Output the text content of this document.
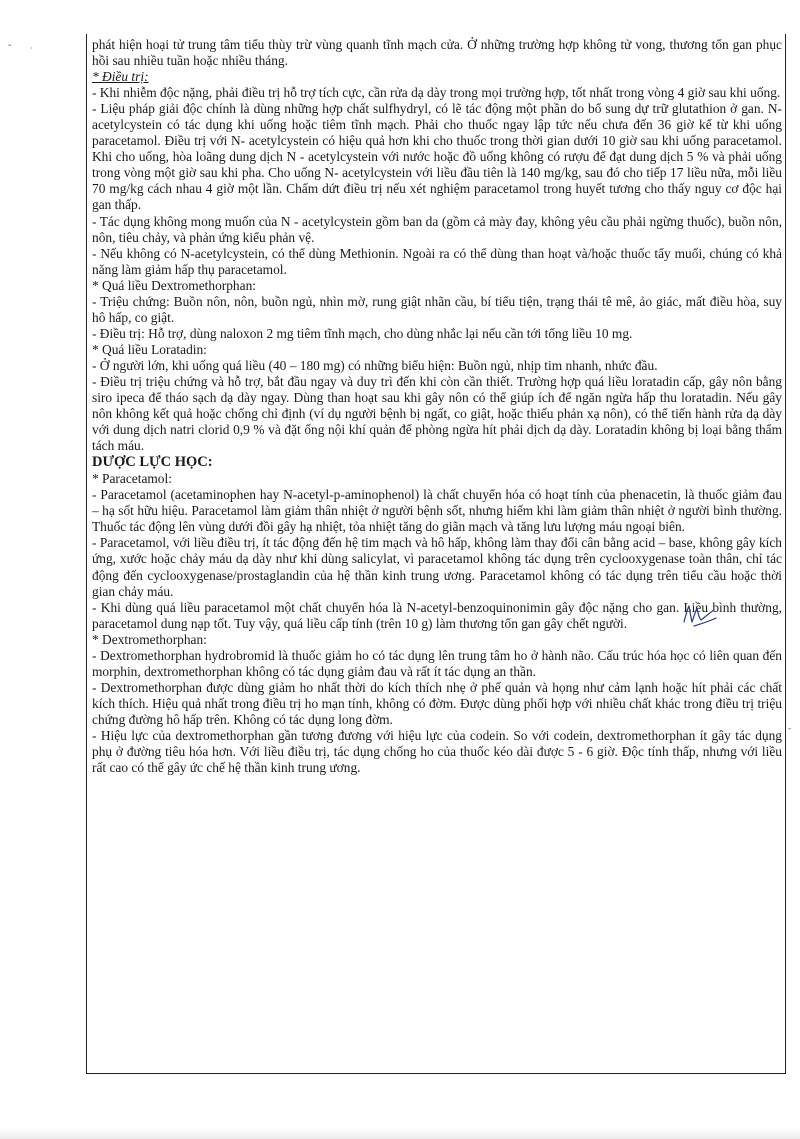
- ·
-

phát hiện hoại tử trung tâm tiểu thùy trừ vùng quanh tĩnh mạch cửa. Ở những trường hợp không tử vong, thương tổn gan phục hồi sau nhiều tuần hoặc nhiều tháng.

* Điều trị:

- Khi nhiễm độc nặng, phải điều trị hỗ trợ tích cực, cần rửa dạ dày trong mọi trường hợp, tốt nhất trong vòng 4 giờ sau khi uống.

- Liệu pháp giải độc chính là dùng những hợp chất sulfhydryl, có lẽ tác động một phần do bổ sung dự trữ glutathion ở gan. N-acetylcystein có tác dụng khi uống hoặc tiêm tĩnh mạch. Phải cho thuốc ngay lập tức nếu chưa đến 36 giờ kể từ khi uống paracetamol. Điều trị với N- acetylcystein có hiệu quả hơn khi cho thuốc trong thời gian dưới 10 giờ sau khi uống paracetamol. Khi cho uống, hòa loãng dung dịch N - acetylcystein với nước hoặc đồ uống không có rượu để đạt dung dịch 5 % và phải uống trong vòng một giờ sau khi pha. Cho uống N- acetylcystein với liều đầu tiên là 140 mg/kg, sau đó cho tiếp 17 liều nữa, mỗi liều 70 mg/kg cách nhau 4 giờ một lần. Chấm dứt điều trị nếu xét nghiệm paracetamol trong huyết tương cho thấy nguy cơ độc hại gan thấp.

- Tác dụng không mong muốn của N - acetylcystein gồm ban da (gồm cả mày đay, không yêu cầu phải ngừng thuốc), buồn nôn, nôn, tiêu chảy, và phản ứng kiểu phản vệ.

- Nếu không có N-acetylcystein, có thể dùng Methionin. Ngoài ra có thể dùng than hoạt và/hoặc thuốc tẩy muối, chúng có khả năng làm giảm hấp thụ paracetamol.

* Quá liều Dextromethorphan:

- Triệu chứng: Buồn nôn, nôn, buồn ngủ, nhìn mờ, rung giật nhãn cầu, bí tiểu tiện, trạng thái tê mê, ảo giác, mất điều hòa, suy hô hấp, co giật.

- Điều trị: Hỗ trợ, dùng naloxon 2 mg tiêm tĩnh mạch, cho dùng nhắc lại nếu cần tới tổng liều 10 mg.

* Quá liều Loratadin:

- Ở người lớn, khi uống quá liều (40 – 180 mg) có những biểu hiện: Buồn ngủ, nhịp tim nhanh, nhức đầu.

- Điều trị triệu chứng và hỗ trợ, bắt đầu ngay và duy trì đến khi còn cần thiết. Trường hợp quá liều loratadin cấp, gây nôn bằng siro ipeca để tháo sạch dạ dày ngay. Dùng than hoạt sau khi gây nôn có thể giúp ích để ngăn ngừa hấp thu loratadin. Nếu gây nôn không kết quả hoặc chống chỉ định (ví dụ người bệnh bị ngất, co giật, hoặc thiếu phản xạ nôn), có thể tiến hành rửa dạ dày với dung dịch natri clorid 0,9 % và đặt ống nội khí quản để phòng ngừa hít phải dịch dạ dày. Loratadin không bị loại bằng thẩm tách máu.

DƯỢC LỰC HỌC:

* Paracetamol:

- Paracetamol (acetaminophen hay N-acetyl-p-aminophenol) là chất chuyển hóa có hoạt tính của phenacetin, là thuốc giảm đau – hạ sốt hữu hiệu. Paracetamol làm giảm thân nhiệt ở người bệnh sốt, nhưng hiếm khi làm giảm thân nhiệt ở người bình thường. Thuốc tác động lên vùng dưới đồi gây hạ nhiệt, tỏa nhiệt tăng do giãn mạch và tăng lưu lượng máu ngoại biên.

- Paracetamol, với liều điều trị, ít tác động đến hệ tim mạch và hô hấp, không làm thay đổi cân bằng acid – base, không gây kích ứng, xước hoặc chảy máu dạ dày như khi dùng salicylat, vì paracetamol không tác dụng trên cyclooxygenase toàn thân, chỉ tác động đến cyclooxygenase/prostaglandin của hệ thần kinh trung ương. Paracetamol không có tác dụng trên tiểu cầu hoặc thời gian chảy máu.

- Khi dùng quá liều paracetamol một chất chuyển hóa là N-acetyl-benzoquinonimin gây độc nặng cho gan. Liều bình thường, paracetamol dung nạp tốt. Tuy vậy, quá liều cấp tính (trên 10 g) làm thương tổn gan gây chết người.

* Dextromethorphan:

- Dextromethorphan hydrobromid là thuốc giảm ho có tác dụng lên trung tâm ho ở hành não. Cấu trúc hóa học có liên quan đến morphin, dextromethorphan không có tác dụng giảm đau và rất ít tác dụng an thần.

- Dextromethorphan được dùng giảm ho nhất thời do kích thích nhẹ ở phế quản và họng như cảm lạnh hoặc hít phải các chất kích thích. Hiệu quả nhất trong điều trị ho mạn tính, không có đờm. Được dùng phối hợp với nhiều chất khác trong điều trị triệu chứng đường hô hấp trên. Không có tác dụng long đờm.

- Hiệu lực của dextromethorphan gần tương đương với hiệu lực của codein. So với codein, dextromethorphan ít gây tác dụng phụ ở đường tiêu hóa hơn. Với liều điều trị, tác dụng chống ho của thuốc kéo dài được 5 - 6 giờ. Độc tính thấp, nhưng với liều rất cao có thể gây ức chế hệ thần kinh trung ương.
